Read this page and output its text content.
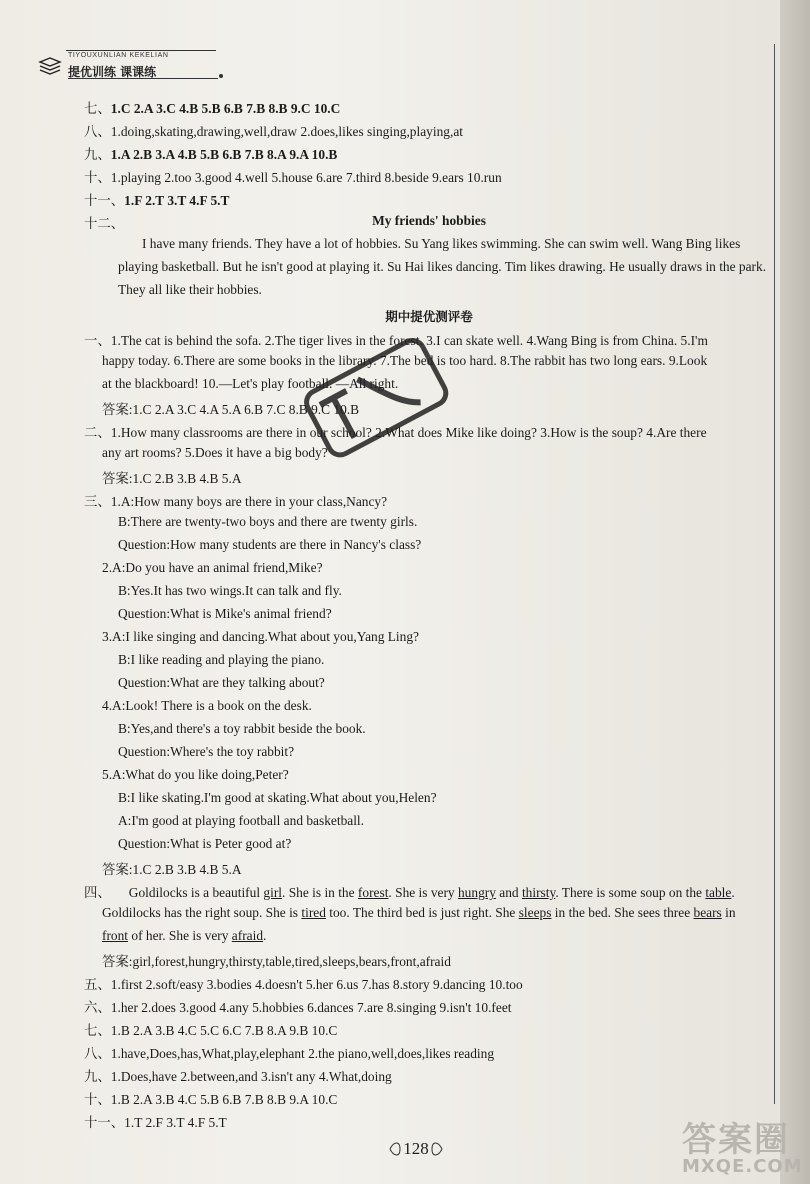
TIYOUXUNLIAN KEKELIAN
提优训练 课课练
七、1.C 2.A 3.C 4.B 5.B 6.B 7.B 8.B 9.C 10.C
八、1.doing,skating,drawing,well,draw 2.does,likes singing,playing,at
九、1.A 2.B 3.A 4.B 5.B 6.B 7.B 8.A 9.A 10.B
十、1.playing 2.too 3.good 4.well 5.house 6.are 7.third 8.beside 9.ears 10.run
十一、1.F 2.T 3.T 4.F 5.T
十二、	My friends' hobbies
I have many friends. They have a lot of hobbies. Su Yang likes swimming. She can swim well. Wang Bing likes
playing basketball. But he isn't good at playing it. Su Hai likes dancing. Tim likes drawing. He usually draws in the park.
They all like their hobbies.
期中提优测评卷
一、1.The cat is behind the sofa. 2.The tiger lives in the forest. 3.I can skate well. 4.Wang Bing is from China. 5.I'm
happy today. 6.There are some books in the library. 7.The bed is too hard. 8.The rabbit has two long ears. 9.Look
at the blackboard! 10.—Let's play football. —All right.
答案:1.C 2.A 3.C 4.A 5.A 6.B 7.C 8.B 9.C 10.B
二、1.How many classrooms are there in our school? 2.What does Mike like doing? 3.How is the soup? 4.Are there
any art rooms? 5.Does it have a big body?
答案:1.C 2.B 3.B 4.B 5.A
三、1.A:How many boys are there in your class,Nancy?
B:There are twenty-two boys and there are twenty girls.
Question:How many students are there in Nancy's class?
2.A:Do you have an animal friend,Mike?
B:Yes.It has two wings.It can talk and fly.
Question:What is Mike's animal friend?
3.A:I like singing and dancing.What about you,Yang Ling?
B:I like reading and playing the piano.
Question:What are they talking about?
4.A:Look! There is a book on the desk.
B:Yes,and there's a toy rabbit beside the book.
Question:Where's the toy rabbit?
5.A:What do you like doing,Peter?
B:I like skating.I'm good at skating.What about you,Helen?
A:I'm good at playing football and basketball.
Question:What is Peter good at?
答案:1.C 2.B 3.B 4.B 5.A
四、 Goldilocks is a beautiful girl. She is in the forest. She is very hungry and thirsty. There is some soup on the table.
Goldilocks has the right soup. She is tired too. The third bed is just right. She sleeps in the bed. She sees three bears in
front of her. She is very afraid.
答案:girl,forest,hungry,thirsty,table,tired,sleeps,bears,front,afraid
五、1.first 2.soft/easy 3.bodies 4.doesn't 5.her 6.us 7.has 8.story 9.dancing 10.too
六、1.her 2.does 3.good 4.any 5.hobbies 6.dances 7.are 8.singing 9.isn't 10.feet
七、1.B 2.A 3.B 4.C 5.C 6.C 7.B 8.A 9.B 10.C
八、1.have,Does,has,What,play,elephant 2.the piano,well,does,likes reading
九、1.Does,have 2.between,and 3.isn't any 4.What,doing
十、1.B 2.A 3.B 4.C 5.B 6.B 7.B 8.B 9.A 10.C
十一、1.T 2.F 3.T 4.F 5.T
128	答案圈
MXQE.COM
